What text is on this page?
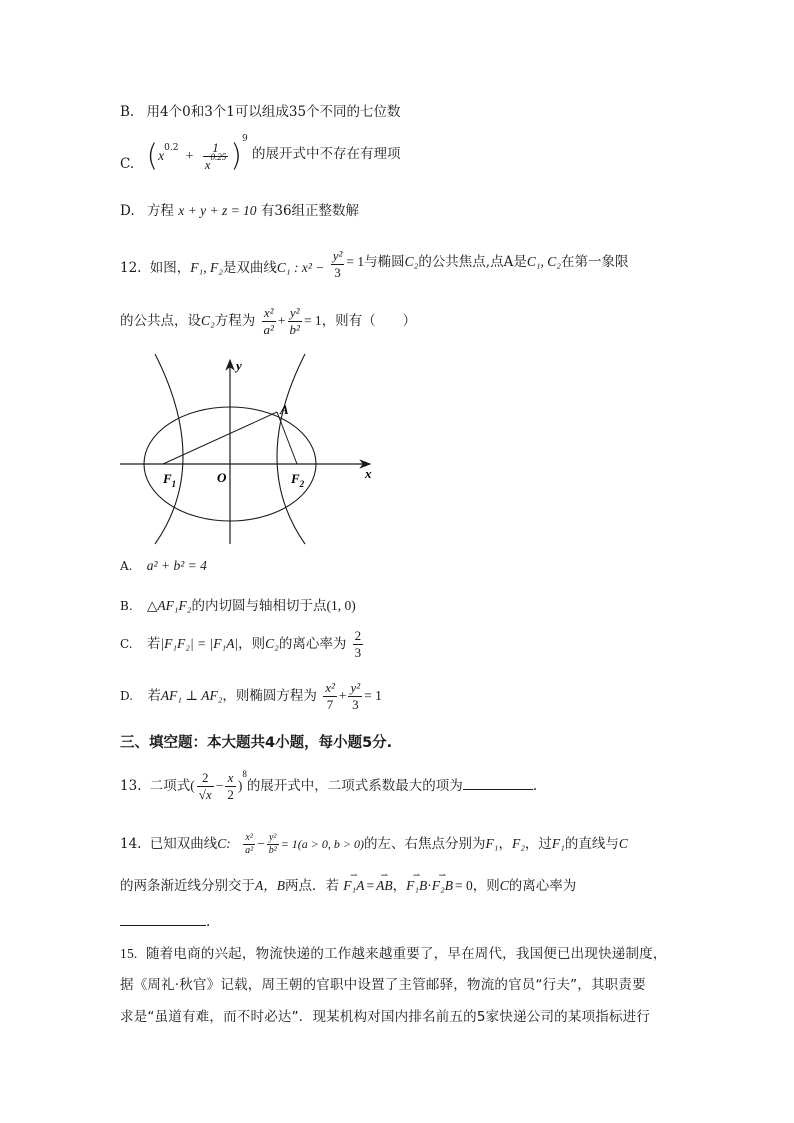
B. 用4个0和3个1可以组成35个不同的七位数
C. $(x^{0.2} + \frac{1}{x^{0.25}} )^9$ 的展开式中不存在有理项
D. 方程 x + y + z = 10 有36组正整数解
12. 如图，F₁, F₂是双曲线C₁ : $x^2 - \frac{\text{y²}}{3} = 1$与椭圆C₂的公共焦点,点A是C₁, C₂在第一象限
的公共点，设C₂方程为 $\frac{\text{x²}}{\text{a²}} + \frac{\text{y²}}{\text{b²}} = 1$，则有（　　）
y
x
A
$F_1$	O	$F_2$
A. a² + b² = 4
B. △AF₁F₂的内切圆与轴相切于点(1, 0)
C. 若|F₁F₂| = |F₁A|，则C₂的离心率为 $\frac{2}{3}$
D. 若AF₁ ⊥ AF₂，则椭圆方程为 $\frac{\text{x²}}{7} + \frac{\text{y²}}{3} = 1$
三、填空题：本大题共4小题，每小题5分.
13. 二项式( $\frac{2}{√x} - \frac{x}{2} )^8$的展开式中，二项式系数最大的项为	.
14. 已知双曲线C: $\frac{\text{x²}}{\text{a²}} - \frac{\text{y²}}{\text{b²}} = 1(a > 0$, b > 0)的左、右焦点分别为F₁，F₂，过F₁的直线与C
的两条渐近线分别交于A，B两点．若 ⇀ F₁A = ⇀ AB，⇀ F₁B·⇀ F₂B = 0，则C的离心率为
.
15. 随着电商的兴起，物流快递的工作越来越重要了，早在周代，我国便已出现快递制度，
据《周礼·秋官》记载，周王朝的官职中设置了主管邮驿，物流的官员“行夫”，其职责要
求是“虽道有难，而不时必达”．现某机构对国内排名前五的5家快递公司的某项指标进行
